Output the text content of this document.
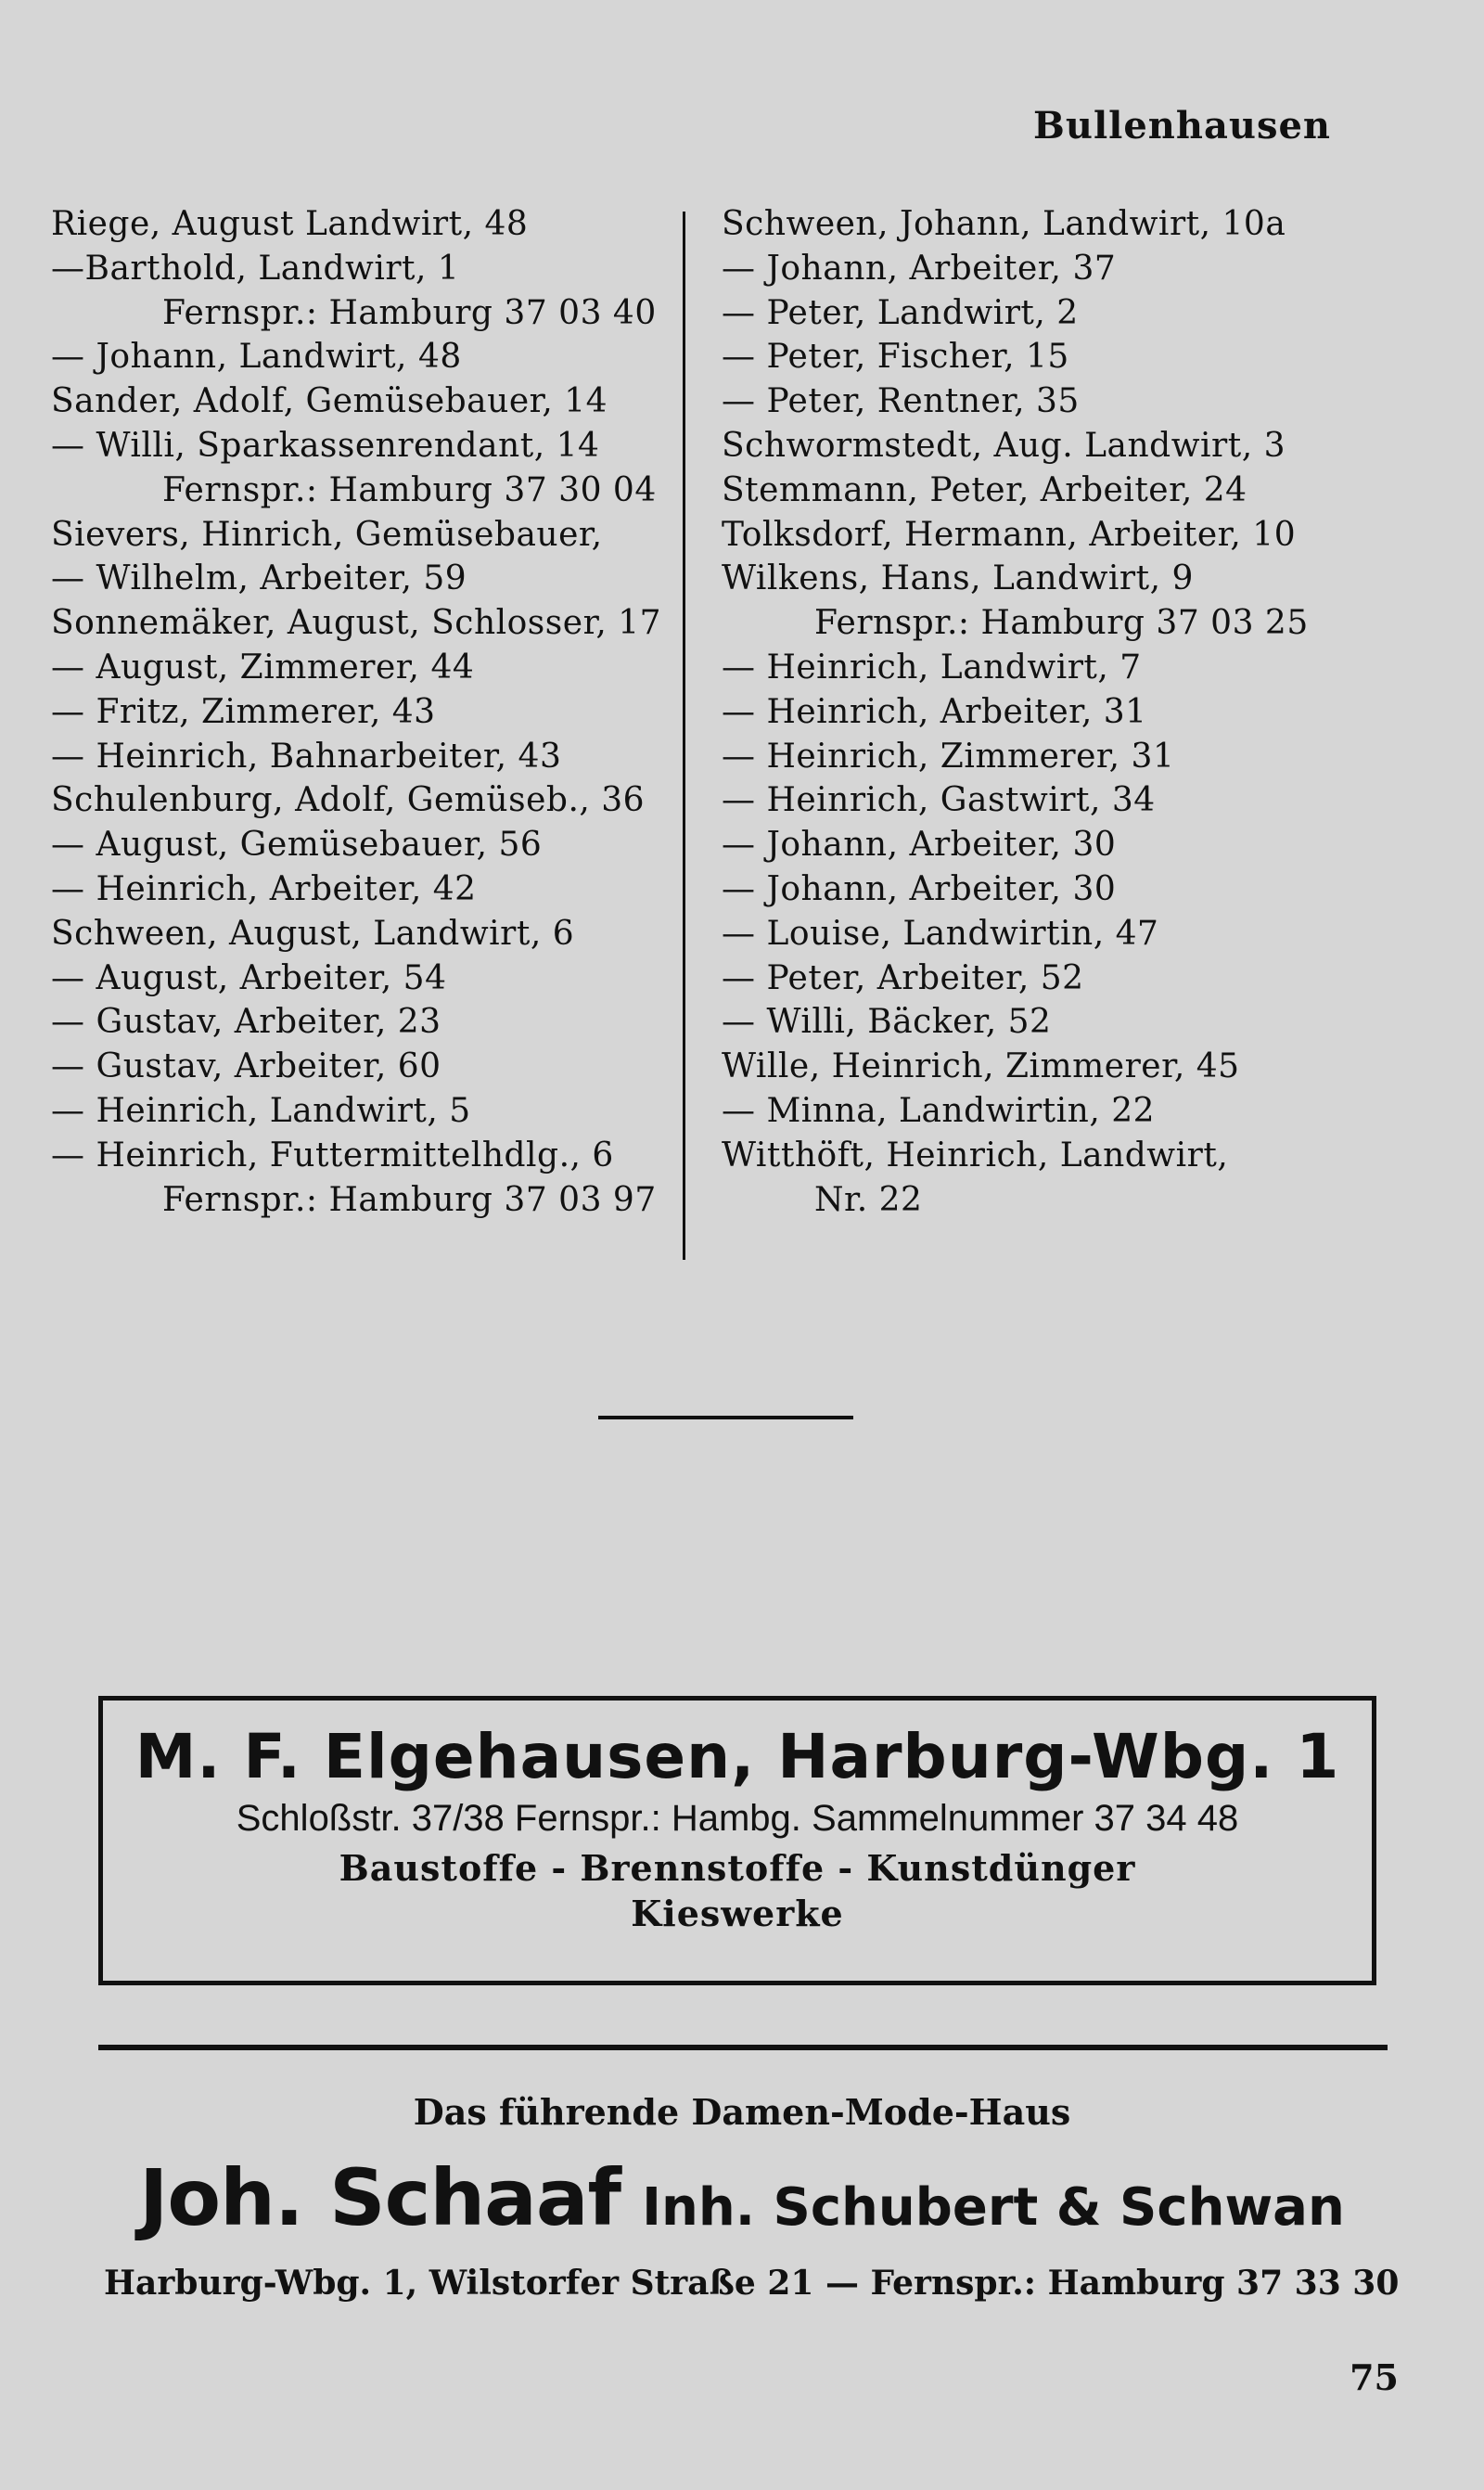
Bullenhausen
Riege, August Landwirt, 48
—Barthold, Landwirt, 1
Fernspr.: Hamburg 37 03 40
— Johann, Landwirt, 48
Sander, Adolf, Gemüsebauer, 14
— Willi, Sparkassenrendant, 14
Fernspr.: Hamburg 37 30 04
Sievers, Hinrich, Gemüsebauer,
— Wilhelm, Arbeiter, 59
Sonnemäker, August, Schlosser, 17
— August, Zimmerer, 44
— Fritz, Zimmerer, 43
— Heinrich, Bahnarbeiter, 43
Schulenburg, Adolf, Gemüseb., 36
— August, Gemüsebauer, 56
— Heinrich, Arbeiter, 42
Schween, August, Landwirt, 6
— August, Arbeiter, 54
— Gustav, Arbeiter, 23
— Gustav, Arbeiter, 60
— Heinrich, Landwirt, 5
— Heinrich, Futtermittelhdlg., 6
Fernspr.: Hamburg 37 03 97
Schween, Johann, Landwirt, 10a
— Johann, Arbeiter, 37
— Peter, Landwirt, 2
— Peter, Fischer, 15
— Peter, Rentner, 35
Schwormstedt, Aug. Landwirt, 3
Stemmann, Peter, Arbeiter, 24
Tolksdorf, Hermann, Arbeiter, 10
Wilkens, Hans, Landwirt, 9
Fernspr.: Hamburg 37 03 25
— Heinrich, Landwirt, 7
— Heinrich, Arbeiter, 31
— Heinrich, Zimmerer, 31
— Heinrich, Gastwirt, 34
— Johann, Arbeiter, 30
— Johann, Arbeiter, 30
— Louise, Landwirtin, 47
— Peter, Arbeiter, 52
— Willi, Bäcker, 52
Wille, Heinrich, Zimmerer, 45
— Minna, Landwirtin, 22
Witthöft, Heinrich, Landwirt,
Nr. 22
M. F. Elgehausen, Harburg-Wbg. 1
Schloßstr. 37/38 Fernspr.: Hambg. Sammelnummer 37 34 48
Baustoffe - Brennstoffe - Kunstdünger
Kieswerke
Das führende Damen-Mode-Haus
Joh. Schaaf Inh. Schubert & Schwan
Harburg-Wbg. 1, Wilstorfer Straße 21 — Fernspr.: Hamburg 37 33 30
75
